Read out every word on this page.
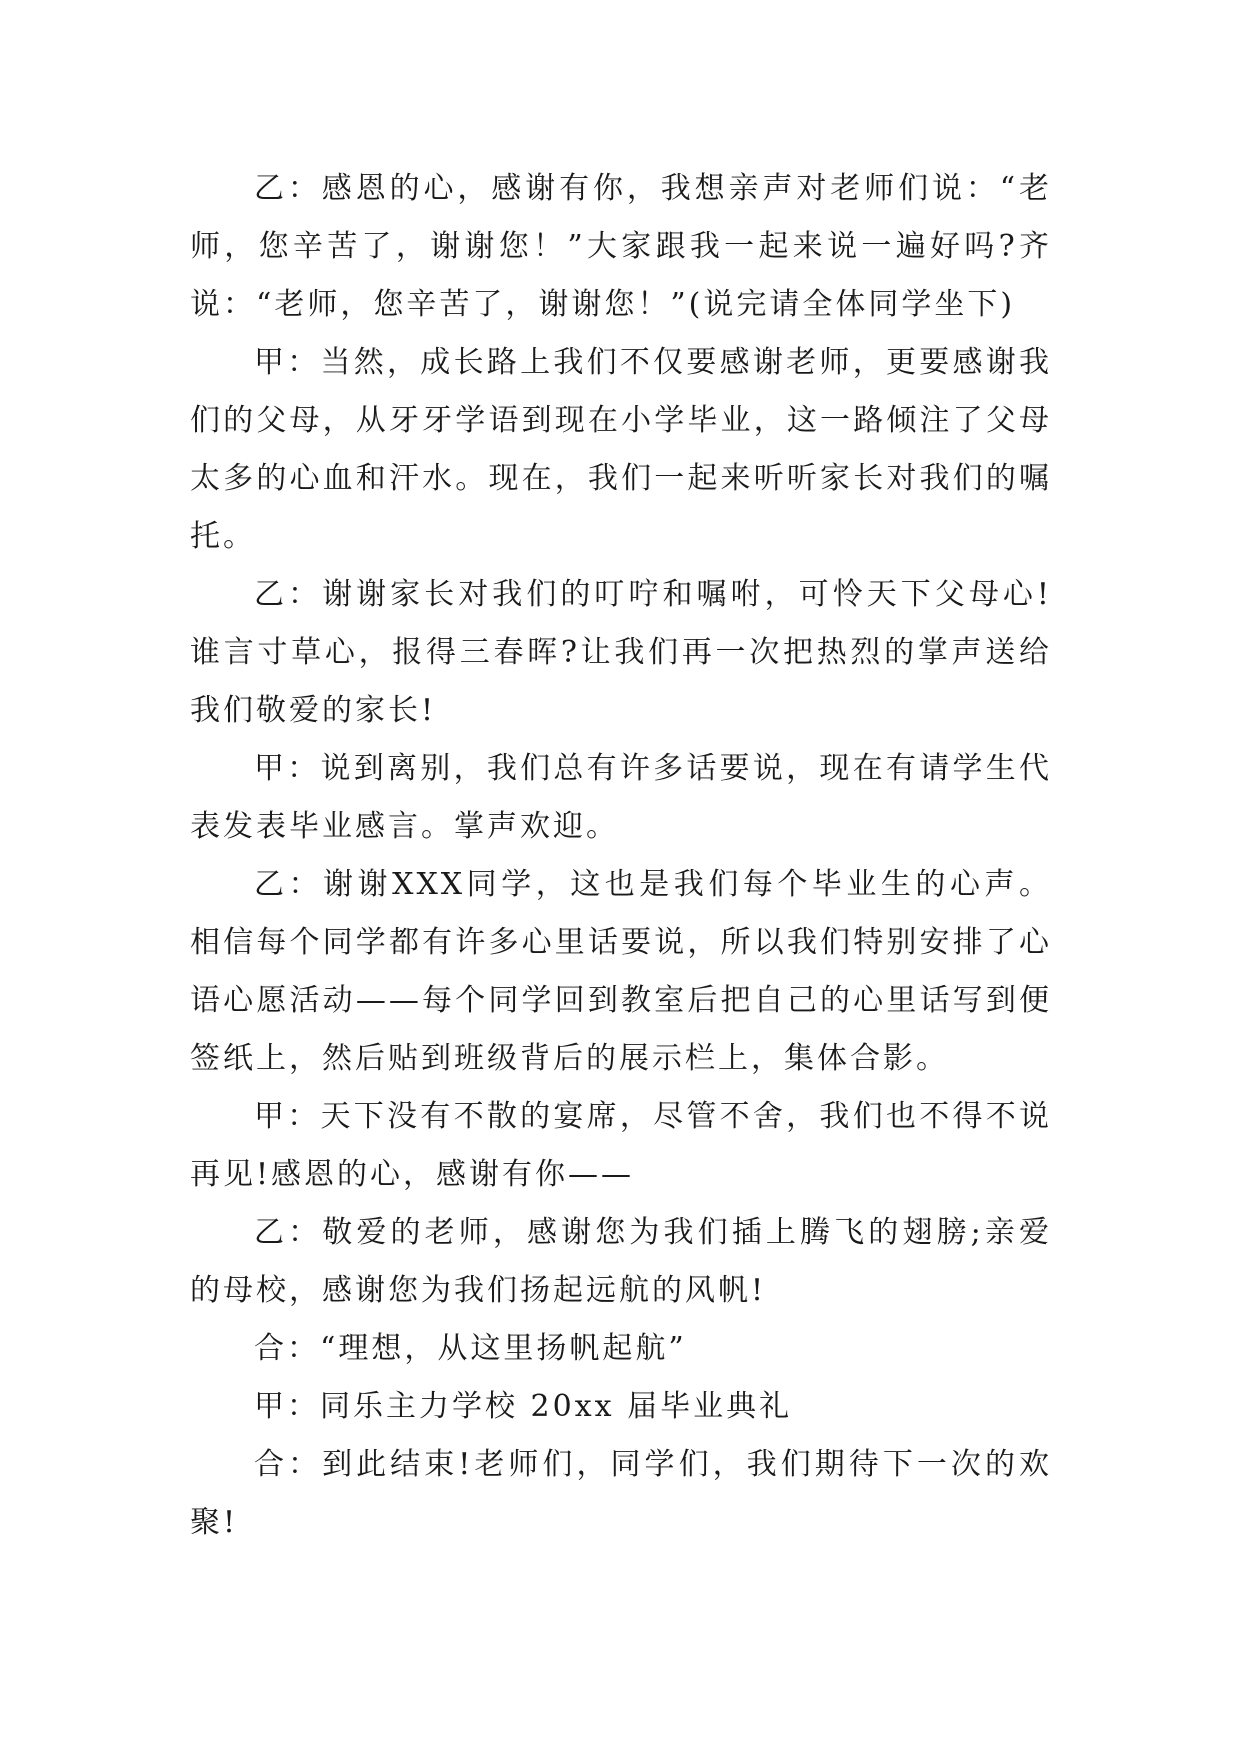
乙：感恩的心，感谢有你，我想亲声对老师们说：“老师，您辛苦了，谢谢您！”大家跟我一起来说一遍好吗?齐说：“老师，您辛苦了，谢谢您！”(说完请全体同学坐下)

甲：当然，成长路上我们不仅要感谢老师，更要感谢我们的父母，从牙牙学语到现在小学毕业，这一路倾注了父母太多的心血和汗水。现在，我们一起来听听家长对我们的嘱托。

乙：谢谢家长对我们的叮咛和嘱咐，可怜天下父母心!谁言寸草心，报得三春晖?让我们再一次把热烈的掌声送给我们敬爱的家长!

甲：说到离别，我们总有许多话要说，现在有请学生代表发表毕业感言。掌声欢迎。

乙：谢谢XXX同学，这也是我们每个毕业生的心声。相信每个同学都有许多心里话要说，所以我们特别安排了心语心愿活动——每个同学回到教室后把自己的心里话写到便签纸上，然后贴到班级背后的展示栏上，集体合影。

甲：天下没有不散的宴席，尽管不舍，我们也不得不说再见!感恩的心，感谢有你——

乙：敬爱的老师，感谢您为我们插上腾飞的翅膀;亲爱的母校，感谢您为我们扬起远航的风帆!

合：“理想，从这里扬帆起航”

甲：同乐主力学校 20xx 届毕业典礼

合：到此结束!老师们，同学们，我们期待下一次的欢聚!
